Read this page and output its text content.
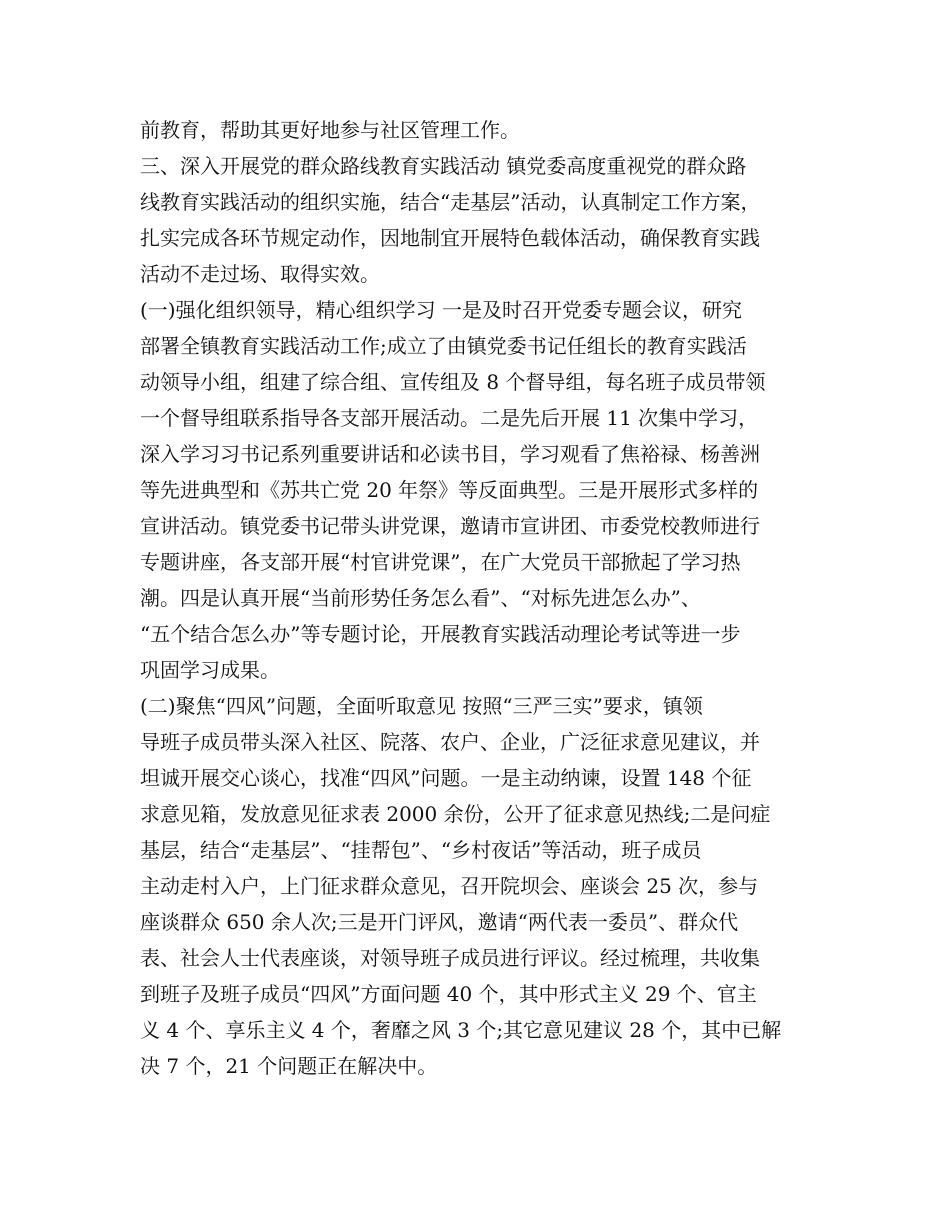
前教育，帮助其更好地参与社区管理工作。

三、深入开展党的群众路线教育实践活动 镇党委高度重视党的群众路

线教育实践活动的组织实施，结合“走基层”活动，认真制定工作方案，

扎实完成各环节规定动作，因地制宜开展特色载体活动，确保教育实践

活动不走过场、取得实效。

(一)强化组织领导，精心组织学习 一是及时召开党委专题会议，研究

部署全镇教育实践活动工作;成立了由镇党委书记任组长的教育实践活

动领导小组，组建了综合组、宣传组及 8 个督导组，每名班子成员带领

一个督导组联系指导各支部开展活动。二是先后开展 11 次集中学习，

深入学习习书记系列重要讲话和必读书目，学习观看了焦裕禄、杨善洲

等先进典型和《苏共亡党 20 年祭》等反面典型。三是开展形式多样的

宣讲活动。镇党委书记带头讲党课，邀请市宣讲团、市委党校教师进行

专题讲座，各支部开展“村官讲党课”，在广大党员干部掀起了学习热

潮。四是认真开展“当前形势任务怎么看”、“对标先进怎么办”、

“五个结合怎么办”等专题讨论，开展教育实践活动理论考试等进一步

巩固学习成果。

(二)聚焦“四风”问题，全面听取意见 按照“三严三实”要求，镇领

导班子成员带头深入社区、院落、农户、企业，广泛征求意见建议，并

坦诚开展交心谈心，找准“四风”问题。一是主动纳谏，设置 148 个征

求意见箱，发放意见征求表 2000 余份，公开了征求意见热线;二是问症

基层，结合“走基层”、“挂帮包”、“乡村夜话”等活动，班子成员

主动走村入户，上门征求群众意见，召开院坝会、座谈会 25 次，参与

座谈群众 650 余人次;三是开门评风，邀请“两代表一委员”、群众代

表、社会人士代表座谈，对领导班子成员进行评议。经过梳理，共收集

到班子及班子成员“四风”方面问题 40 个，其中形式主义 29 个、官主

义 4 个、享乐主义 4 个，奢靡之风 3 个;其它意见建议 28 个，其中已解

决 7 个，21 个问题正在解决中。
